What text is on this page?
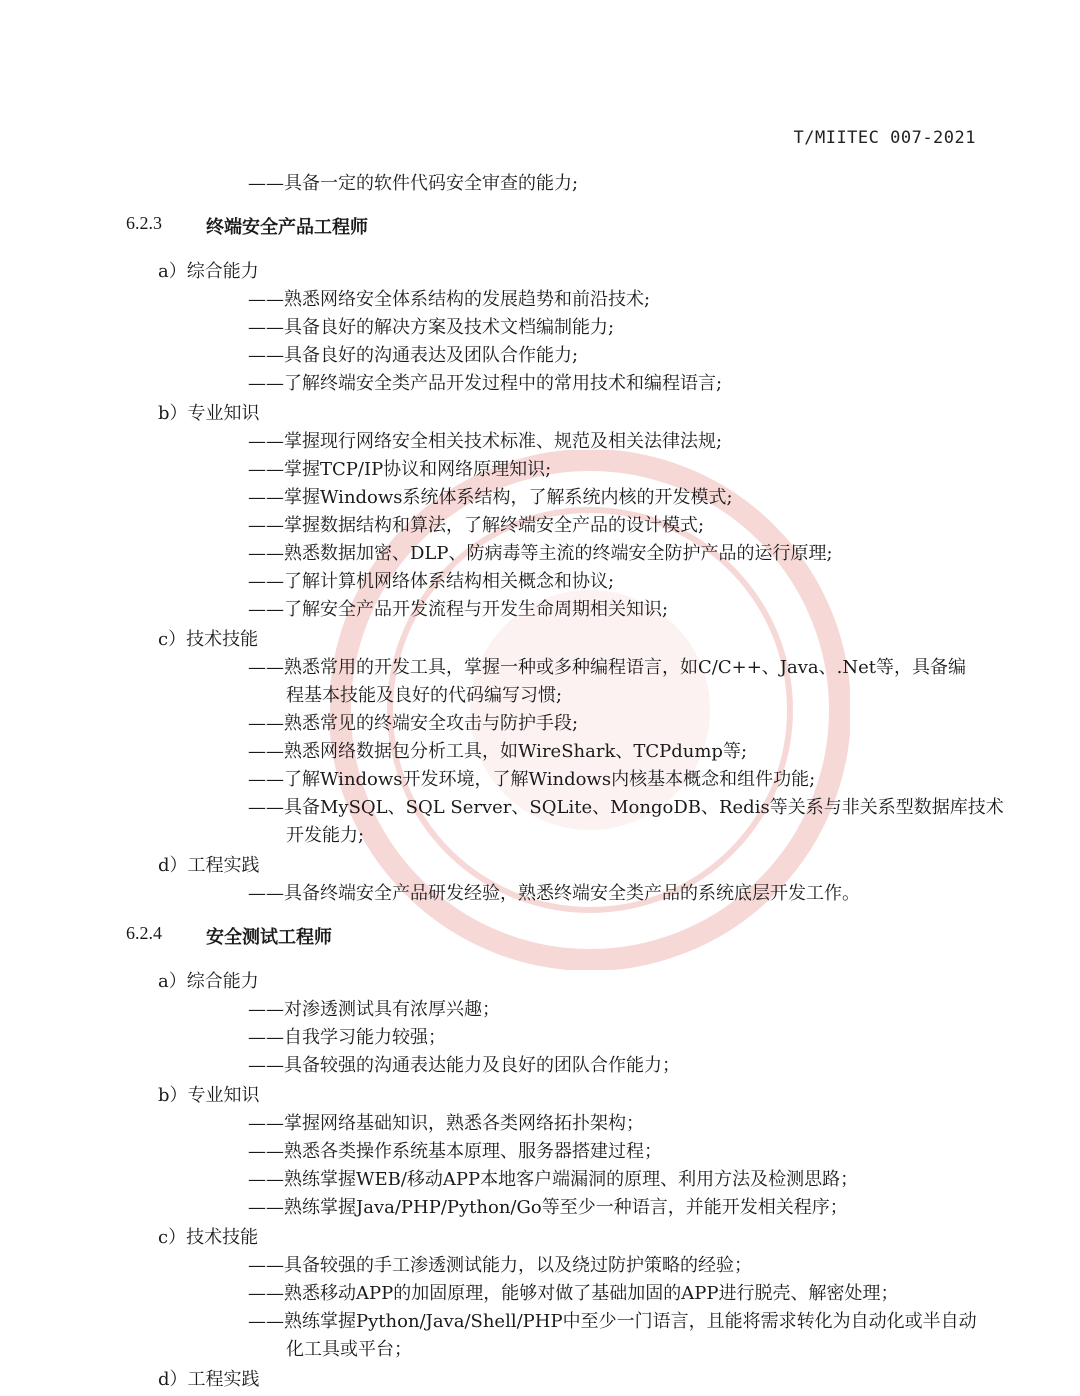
T/MIITEC 007-2021
——具备一定的软件代码安全审查的能力;
6.2.3 终端安全产品工程师
a）综合能力
——熟悉网络安全体系结构的发展趋势和前沿技术;
——具备良好的解决方案及技术文档编制能力;
——具备良好的沟通表达及团队合作能力;
——了解终端安全类产品开发过程中的常用技术和编程语言;
b）专业知识
——掌握现行网络安全相关技术标准、规范及相关法律法规;
——掌握TCP/IP协议和网络原理知识;
——掌握Windows系统体系结构，了解系统内核的开发模式;
——掌握数据结构和算法，了解终端安全产品的设计模式;
——熟悉数据加密、DLP、防病毒等主流的终端安全防护产品的运行原理;
——了解计算机网络体系结构相关概念和协议;
——了解安全产品开发流程与开发生命周期相关知识;
c）技术技能
——熟悉常用的开发工具，掌握一种或多种编程语言，如C/C++、Java、.Net等，具备编
程基本技能及良好的代码编写习惯;
——熟悉常见的终端安全攻击与防护手段;
——熟悉网络数据包分析工具，如WireShark、TCPdump等;
——了解Windows开发环境，了解Windows内核基本概念和组件功能;
——具备MySQL、SQL Server、SQLite、MongoDB、Redis等关系与非关系型数据库技术
开发能力;
d）工程实践
——具备终端安全产品研发经验，熟悉终端安全类产品的系统底层开发工作。
6.2.4 安全测试工程师
a）综合能力
——对渗透测试具有浓厚兴趣；
——自我学习能力较强；
——具备较强的沟通表达能力及良好的团队合作能力；
b）专业知识
——掌握网络基础知识，熟悉各类网络拓扑架构；
——熟悉各类操作系统基本原理、服务器搭建过程；
——熟练掌握WEB/移动APP本地客户端漏洞的原理、利用方法及检测思路；
——熟练掌握Java/PHP/Python/Go等至少一种语言，并能开发相关程序；
c）技术技能
——具备较强的手工渗透测试能力，以及绕过防护策略的经验；
——熟悉移动APP的加固原理，能够对做了基础加固的APP进行脱壳、解密处理；
——熟练掌握Python/Java/Shell/PHP中至少一门语言，且能将需求转化为自动化或半自动
化工具或平台；
d）工程实践
